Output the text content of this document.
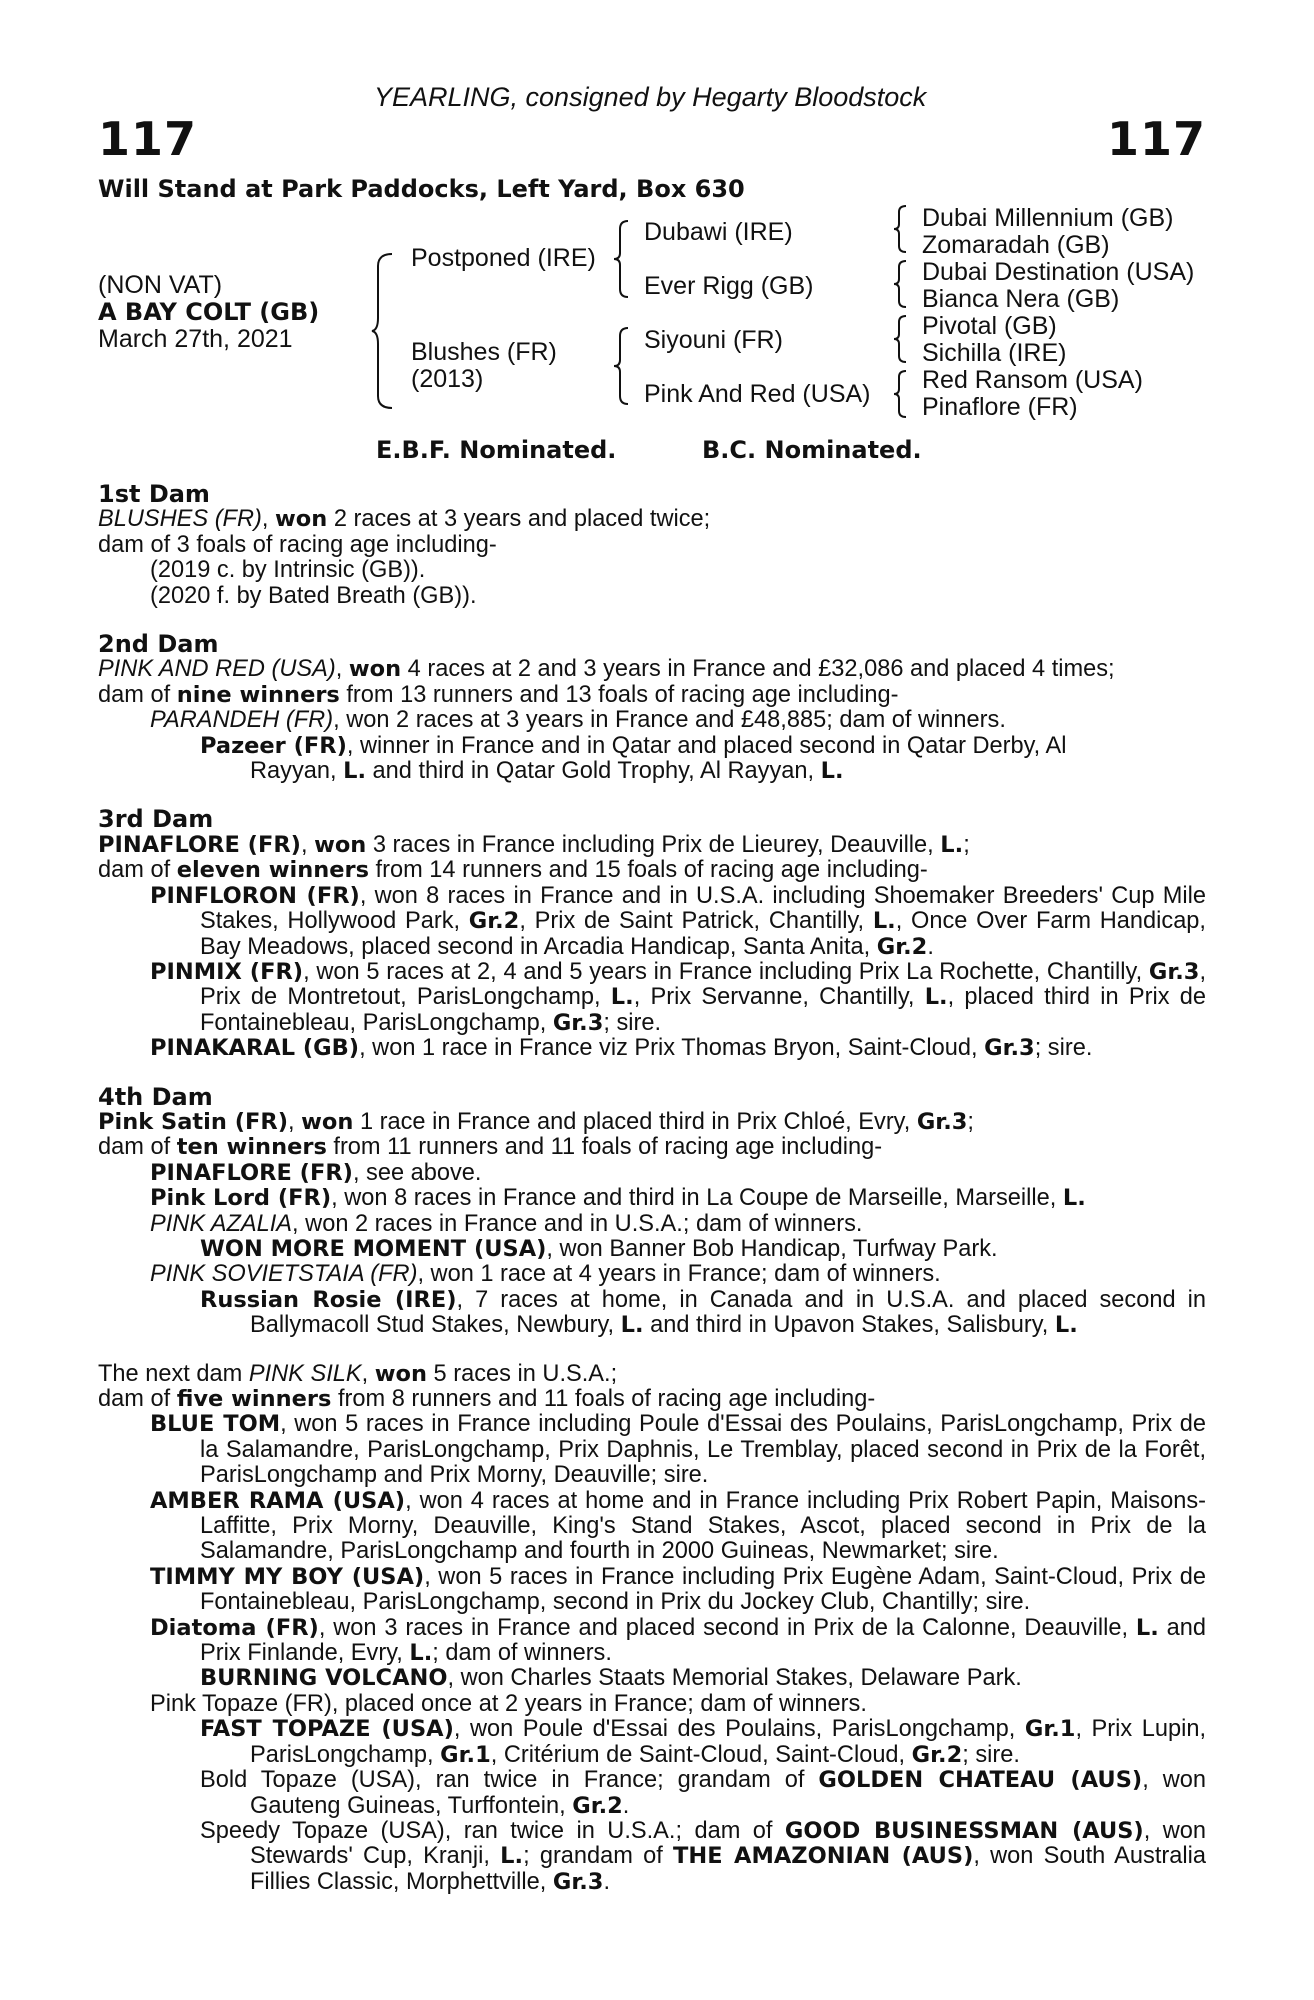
YEARLING, consigned by Hegarty Bloodstock
117	117
Will Stand at Park Paddocks, Left Yard, Box 630
(NON VAT)
A BAY COLT (GB)
March 27th, 2021
Postponed (IRE)
Blushes (FR)
(2013)
Dubawi (IRE)
Ever Rigg (GB)
Siyouni (FR)
Pink And Red (USA)
Dubai Millennium (GB)
Zomaradah (GB)
Dubai Destination (USA)
Bianca Nera (GB)
Pivotal (GB)
Sichilla (IRE)
Red Ransom (USA)
Pinaflore (FR)
E.B.F. Nominated.	B.C. Nominated.
1st Dam
BLUSHES (FR), won 2 races at 3 years and placed twice;
dam of 3 foals of racing age including-
(2019 c. by Intrinsic (GB)).
(2020 f. by Bated Breath (GB)).
2nd Dam
PINK AND RED (USA), won 4 races at 2 and 3 years in France and £32,086 and placed 4 times;
dam of nine winners from 13 runners and 13 foals of racing age including-
PARANDEH (FR), won 2 races at 3 years in France and £48,885; dam of winners.
Pazeer (FR), winner in France and in Qatar and placed second in Qatar Derby, Al
Rayyan, L. and third in Qatar Gold Trophy, Al Rayyan, L.
3rd Dam
PINAFLORE (FR), won 3 races in France including Prix de Lieurey, Deauville, L.;
dam of eleven winners from 14 runners and 15 foals of racing age including-
PINFLORON (FR), won 8 races in France and in U.S.A. including Shoemaker Breeders' Cup Mile Stakes, Hollywood Park, Gr.2, Prix de Saint Patrick, Chantilly, L., Once Over Farm Handicap, Bay Meadows, placed second in Arcadia Handicap, Santa Anita, Gr.2.
PINMIX (FR), won 5 races at 2, 4 and 5 years in France including Prix La Rochette, Chantilly, Gr.3, Prix de Montretout, ParisLongchamp, L., Prix Servanne, Chantilly, L., placed third in Prix de Fontainebleau, ParisLongchamp, Gr.3; sire.
PINAKARAL (GB), won 1 race in France viz Prix Thomas Bryon, Saint-Cloud, Gr.3; sire.
4th Dam
Pink Satin (FR), won 1 race in France and placed third in Prix Chloé, Evry, Gr.3;
dam of ten winners from 11 runners and 11 foals of racing age including-
PINAFLORE (FR), see above.
Pink Lord (FR), won 8 races in France and third in La Coupe de Marseille, Marseille, L.
PINK AZALIA, won 2 races in France and in U.S.A.; dam of winners.
WON MORE MOMENT (USA), won Banner Bob Handicap, Turfway Park.
PINK SOVIETSTAIA (FR), won 1 race at 4 years in France; dam of winners.
Russian Rosie (IRE), 7 races at home, in Canada and in U.S.A. and placed second in Ballymacoll Stud Stakes, Newbury, L. and third in Upavon Stakes, Salisbury, L.
The next dam PINK SILK, won 5 races in U.S.A.;
dam of five winners from 8 runners and 11 foals of racing age including-
BLUE TOM, won 5 races in France including Poule d'Essai des Poulains, ParisLongchamp, Prix de la Salamandre, ParisLongchamp, Prix Daphnis, Le Tremblay, placed second in Prix de la Forêt, ParisLongchamp and Prix Morny, Deauville; sire.
AMBER RAMA (USA), won 4 races at home and in France including Prix Robert Papin, Maisons-Laffitte, Prix Morny, Deauville, King's Stand Stakes, Ascot, placed second in Prix de la Salamandre, ParisLongchamp and fourth in 2000 Guineas, Newmarket; sire.
TIMMY MY BOY (USA), won 5 races in France including Prix Eugène Adam, Saint-Cloud, Prix de Fontainebleau, ParisLongchamp, second in Prix du Jockey Club, Chantilly; sire.
Diatoma (FR), won 3 races in France and placed second in Prix de la Calonne, Deauville, L. and Prix Finlande, Evry, L.; dam of winners.
BURNING VOLCANO, won Charles Staats Memorial Stakes, Delaware Park.
Pink Topaze (FR), placed once at 2 years in France; dam of winners.
FAST TOPAZE (USA), won Poule d'Essai des Poulains, ParisLongchamp, Gr.1, Prix Lupin, ParisLongchamp, Gr.1, Critérium de Saint-Cloud, Saint-Cloud, Gr.2; sire.
Bold Topaze (USA), ran twice in France; grandam of GOLDEN CHATEAU (AUS), won Gauteng Guineas, Turffontein, Gr.2.
Speedy Topaze (USA), ran twice in U.S.A.; dam of GOOD BUSINESSMAN (AUS), won Stewards' Cup, Kranji, L.; grandam of THE AMAZONIAN (AUS), won South Australia Fillies Classic, Morphettville, Gr.3.
